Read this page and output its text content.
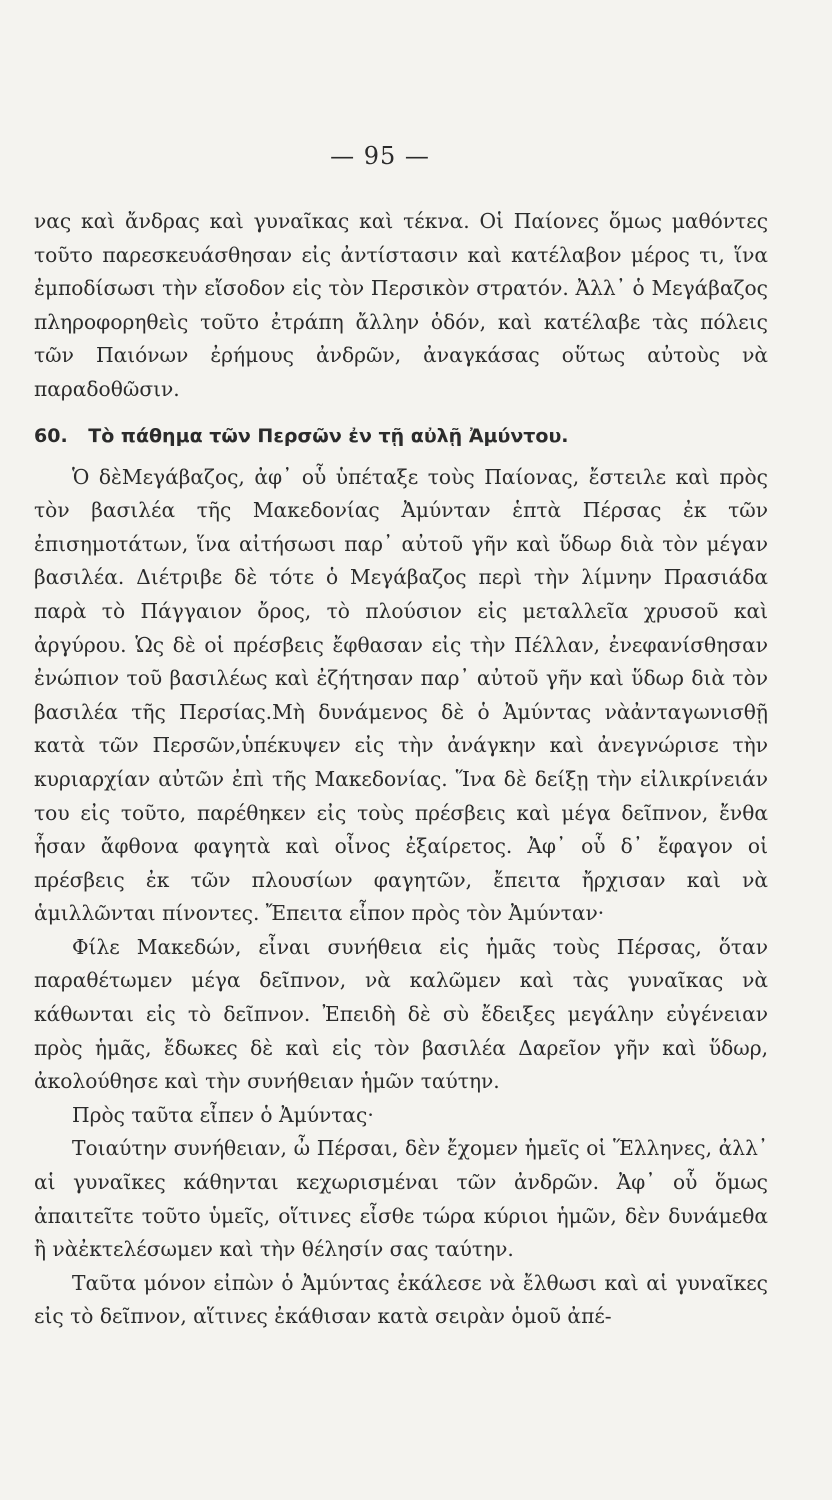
— 95 —

νας καὶ ἄνδρας καὶ γυναῖκας καὶ τέκνα. Οἱ Παίονες ὅμως μαθόντες τοῦτο παρεσκευάσθησαν εἰς ἀντίστασιν καὶ κατέλαβον μέρος τι, ἵνα ἐμποδίσωσι τὴν εἴσοδον εἰς τὸν Περσικὸν στρατόν. Ἀλλ᾽ ὁ Μεγάβαζος πληροφορηθεὶς τοῦτο ἐτράπη ἄλλην ὁδόν, καὶ κατέλαβε τὰς πόλεις τῶν Παιόνων ἐρήμους ἀνδρῶν, ἀναγκάσας οὕτως αὐτοὺς νὰ παραδοθῶσιν.

60. Τὸ πάθημα τῶν Περσῶν ἐν τῇ αὐλῇ Ἀμύντου.

Ὁ δὲΜεγάβαζος, ἀφ᾽ οὗ ὑπέταξε τοὺς Παίονας, ἔστειλε καὶ πρὸς τὸν βασιλέα τῆς Μακεδονίας Ἀμύνταν ἑπτὰ Πέρσας ἐκ τῶν ἐπισημοτάτων, ἵνα αἰτήσωσι παρ᾽ αὐτοῦ γῆν καὶ ὕδωρ διὰ τὸν μέγαν βασιλέα. Διέτριβε δὲ τότε ὁ Μεγάβαζος περὶ τὴν λίμνην Πρασιάδα παρὰ τὸ Πάγγαιον ὄρος, τὸ πλούσιον εἰς μεταλλεῖα χρυσοῦ καὶ ἀργύρου. Ὡς δὲ οἱ πρέσβεις ἔφθασαν εἰς τὴν Πέλλαν, ἐνεφανίσθησαν ἐνώπιον τοῦ βασιλέως καὶ ἐζήτησαν παρ᾽ αὐτοῦ γῆν καὶ ὕδωρ διὰ τὸν βασιλέα τῆς Περσίας.Μὴ δυνάμενος δὲ ὁ Ἀμύντας νὰἀνταγωνισθῇ κατὰ τῶν Περσῶν,ὑπέκυψεν εἰς τὴν ἀνάγκην καὶ ἀνεγνώρισε τὴν κυριαρχίαν αὐτῶν ἐπὶ τῆς Μακεδονίας. Ἵνα δὲ δείξῃ τὴν εἰλικρίνειάν του εἰς τοῦτο, παρέθηκεν εἰς τοὺς πρέσβεις καὶ μέγα δεῖπνον, ἔνθα ἦσαν ἄφθονα φαγητὰ καὶ οἶνος ἐξαίρετος. Ἀφ᾽ οὗ δ᾽ ἔφαγον οἱ πρέσβεις ἐκ τῶν πλουσίων φαγητῶν, ἔπειτα ἤρχισαν καὶ νὰ ἁμιλλῶνται πίνοντες. Ἔπειτα εἶπον πρὸς τὸν Ἀμύνταν·

Φίλε Μακεδών, εἶναι συνήθεια εἰς ἡμᾶς τοὺς Πέρσας, ὅταν παραθέτωμεν μέγα δεῖπνον, νὰ καλῶμεν καὶ τὰς γυναῖκας νὰ κάθωνται εἰς τὸ δεῖπνον. Ἐπειδὴ δὲ σὺ ἔδειξες μεγάλην εὐγένειαν πρὸς ἡμᾶς, ἔδωκες δὲ καὶ εἰς τὸν βασιλέα Δαρεῖον γῆν καὶ ὕδωρ, ἀκολούθησε καὶ τὴν συνήθειαν ἡμῶν ταύτην.

Πρὸς ταῦτα εἶπεν ὁ Ἀμύντας·

Τοιαύτην συνήθειαν, ὦ Πέρσαι, δὲν ἔχομεν ἡμεῖς οἱ Ἕλληνες, ἀλλ᾽ αἱ γυναῖκες κάθηνται κεχωρισμέναι τῶν ἀνδρῶν. Ἀφ᾽ οὗ ὅμως ἀπαιτεῖτε τοῦτο ὑμεῖς, οἵτινες εἶσθε τώρα κύριοι ἡμῶν, δὲν δυνάμεθα ἢ νὰἐκτελέσωμεν καὶ τὴν θέλησίν σας ταύτην.

Ταῦτα μόνον εἰπὼν ὁ Ἀμύντας ἐκάλεσε νὰ ἔλθωσι καὶ αἱ γυναῖκες εἰς τὸ δεῖπνον, αἵτινες ἐκάθισαν κατὰ σειρὰν ὁμοῦ ἀπέ-
